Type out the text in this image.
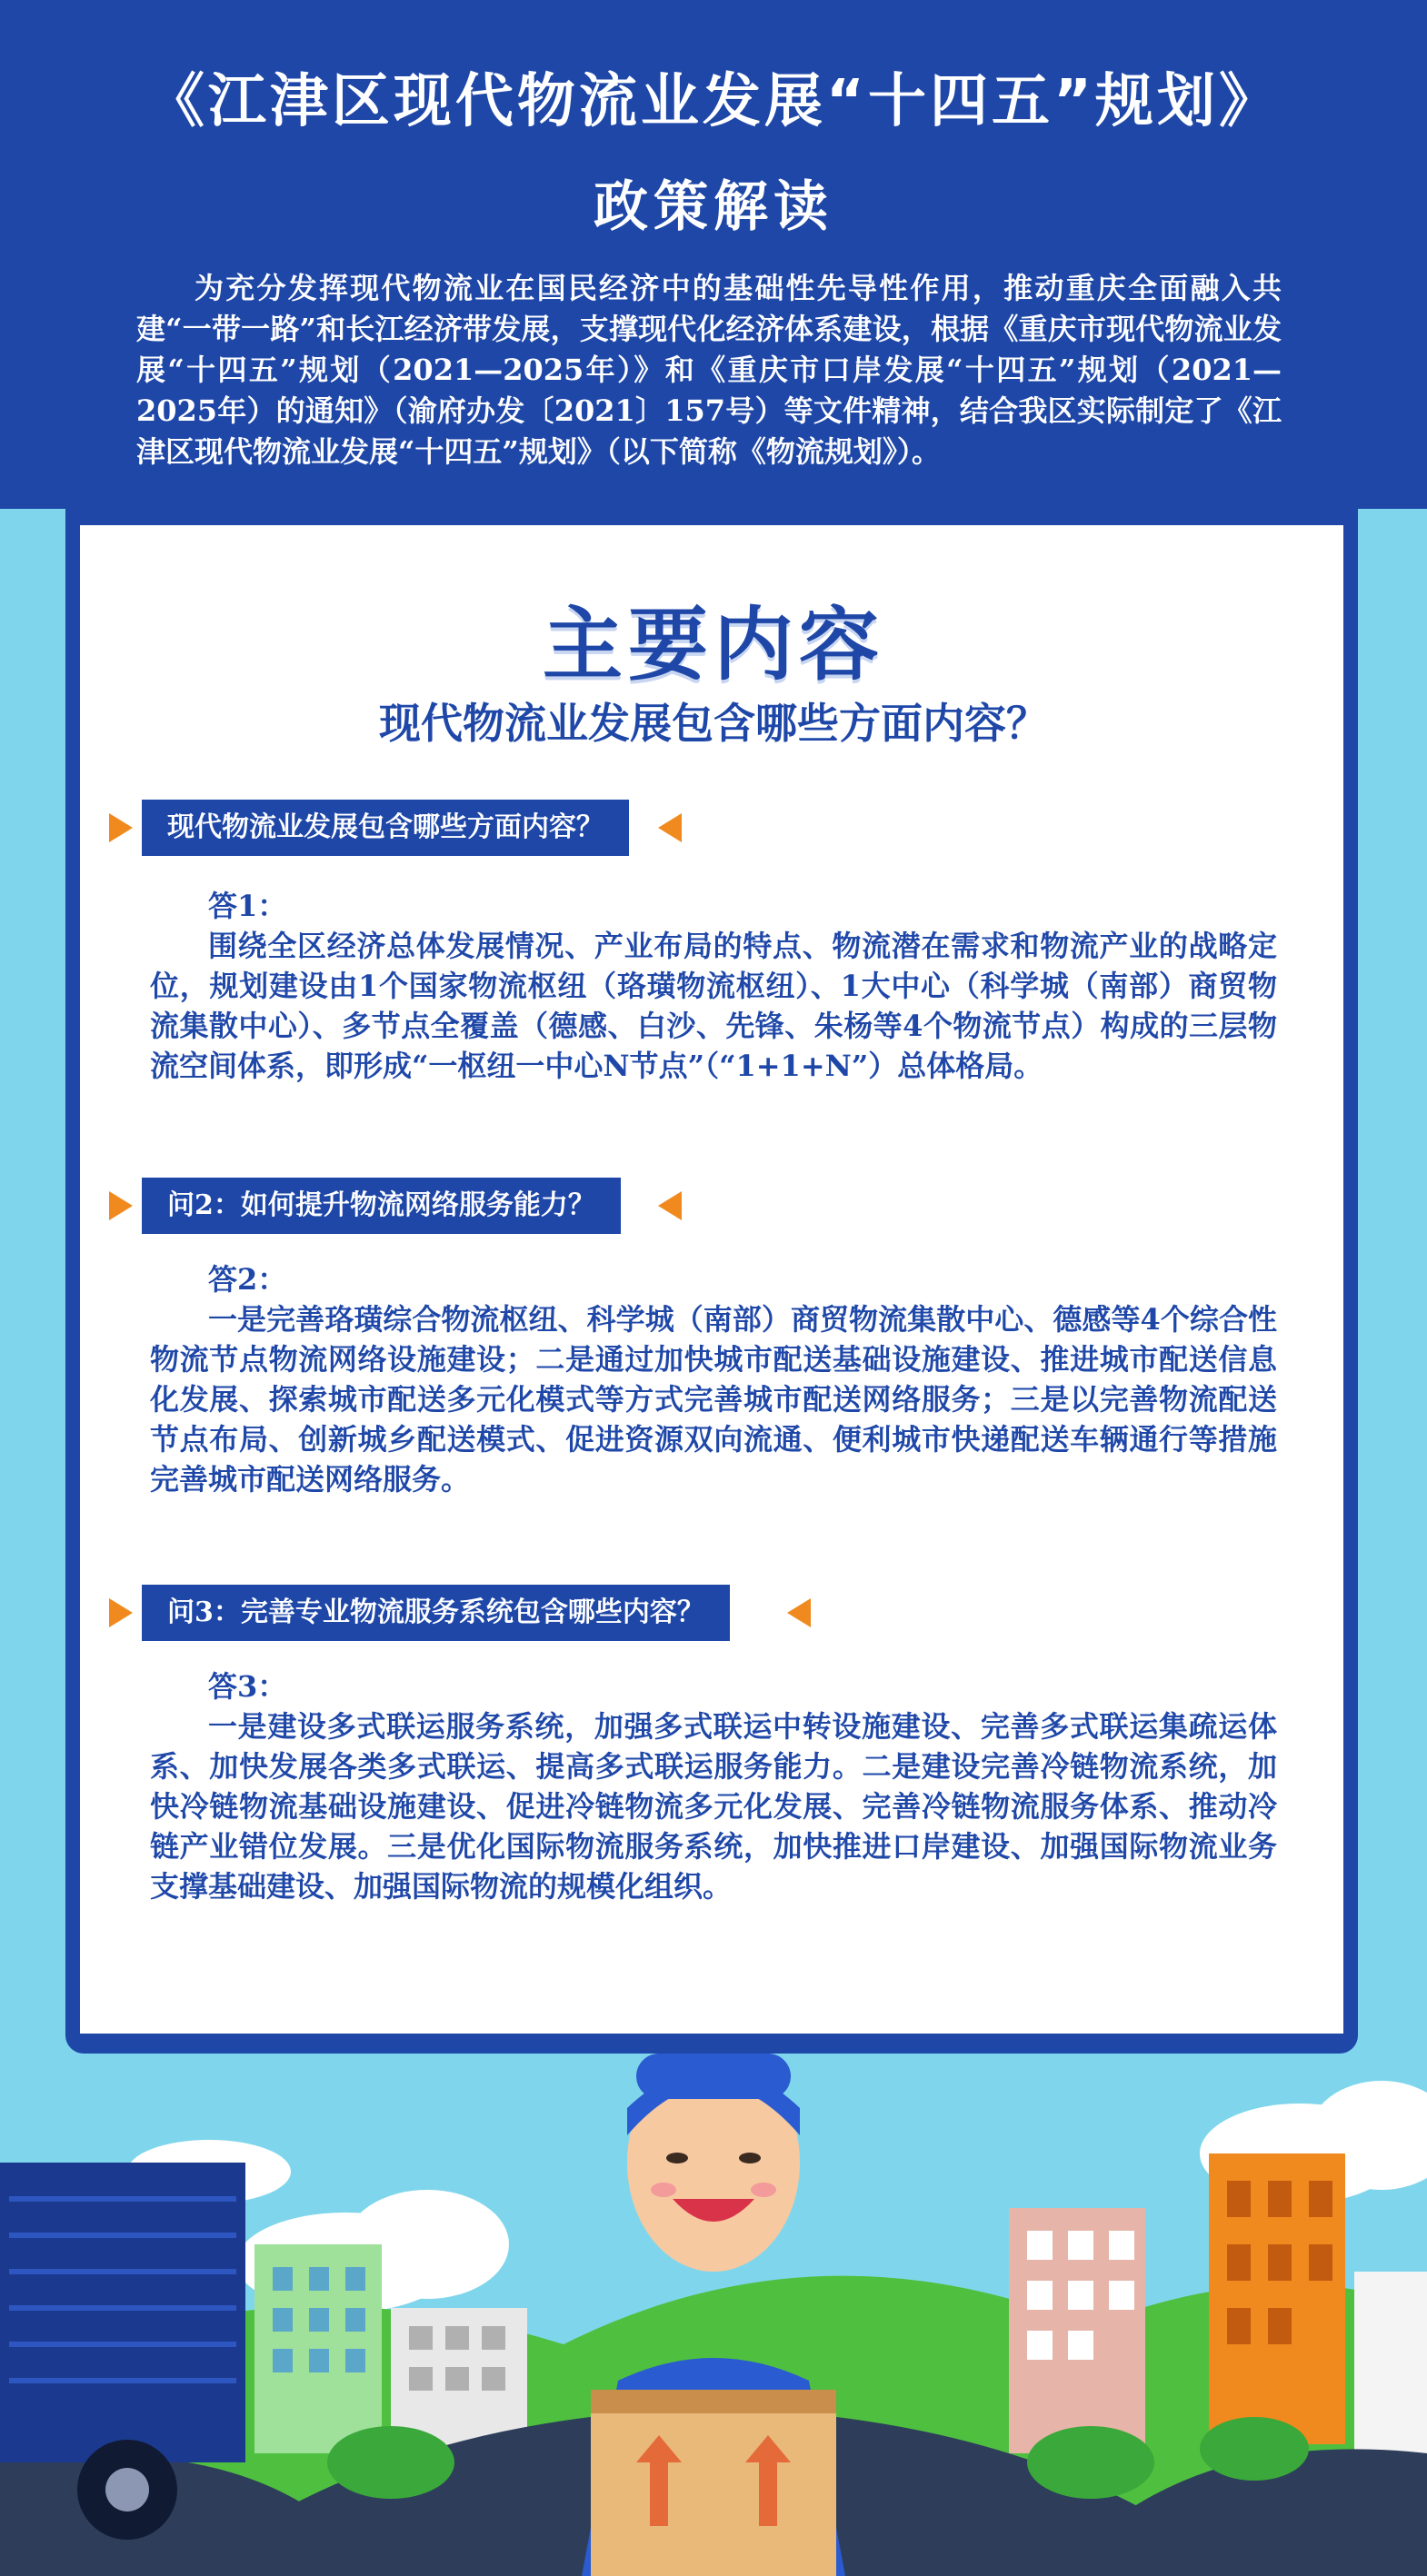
《江津区现代物流业发展“十四五”规划》
政策解读
为充分发挥现代物流业在国民经济中的基础性先导性作用，推动重庆全面融入共建“一带一路”和长江经济带发展，支撑现代化经济体系建设，根据《重庆市现代物流业发展“十四五”规划（2021—2025年）》和《重庆市口岸发展“十四五”规划（2021—2025年）的通知》（渝府办发〔2021〕157号）等文件精神，结合我区实际制定了《江津区现代物流业发展“十四五”规划》（以下简称《物流规划》）。
主要内容
现代物流业发展包含哪些方面内容？
现代物流业发展包含哪些方面内容？
答1：
围绕全区经济总体发展情况、产业布局的特点、物流潜在需求和物流产业的战略定位，规划建设由1个国家物流枢纽（珞璜物流枢纽）、1大中心（科学城（南部）商贸物流集散中心）、多节点全覆盖（德感、白沙、先锋、朱杨等4个物流节点）构成的三层物流空间体系，即形成“一枢纽一中心N节点”（“1+1+N”）总体格局。
问2：如何提升物流网络服务能力？
答2：
一是完善珞璜综合物流枢纽、科学城（南部）商贸物流集散中心、德感等4个综合性物流节点物流网络设施建设；二是通过加快城市配送基础设施建设、推进城市配送信息化发展、探索城市配送多元化模式等方式完善城市配送网络服务；三是以完善物流配送节点布局、创新城乡配送模式、促进资源双向流通、便利城市快递配送车辆通行等措施完善城市配送网络服务。
问3：完善专业物流服务系统包含哪些内容？
答3：
一是建设多式联运服务系统，加强多式联运中转设施建设、完善多式联运集疏运体系、加快发展各类多式联运、提高多式联运服务能力。二是建设完善冷链物流系统，加快冷链物流基础设施建设、促进冷链物流多元化发展、完善冷链物流服务体系、推动冷链产业错位发展。三是优化国际物流服务系统，加快推进口岸建设、加强国际物流业务支撑基础建设、加强国际物流的规模化组织。
